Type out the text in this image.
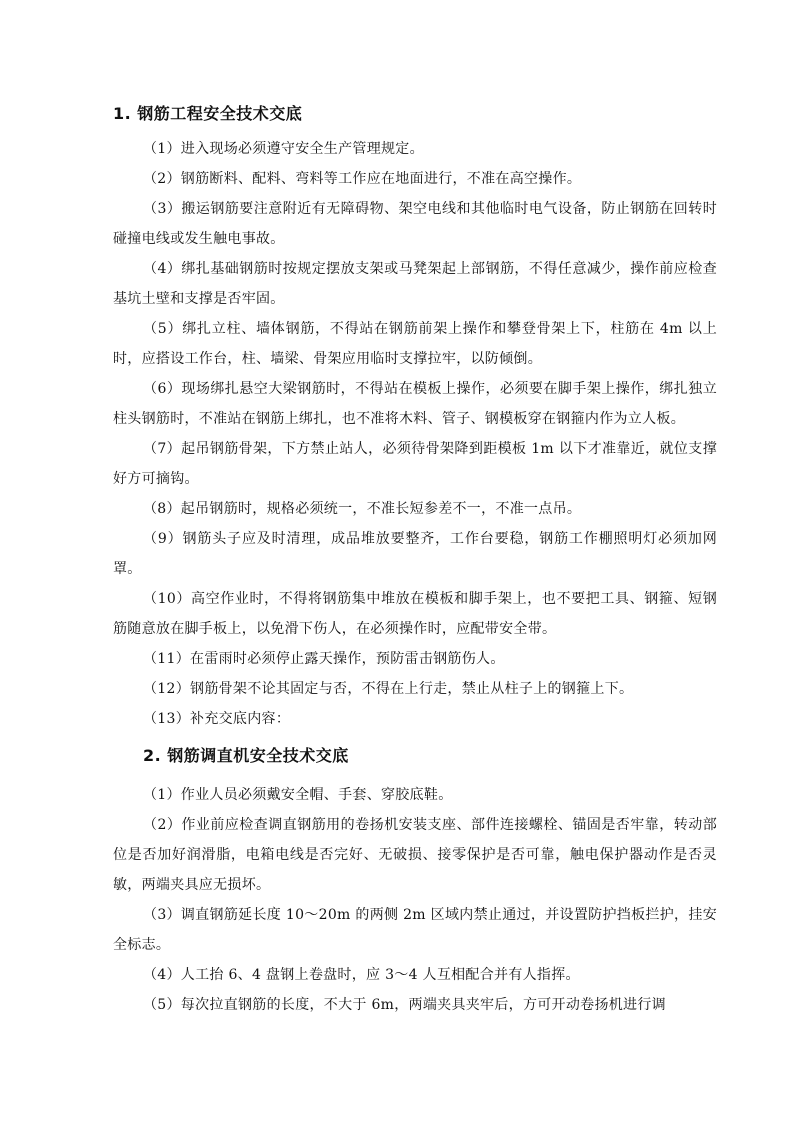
1. 钢筋工程安全技术交底

（1）进入现场必须遵守安全生产管理规定。

（2）钢筋断料、配料、弯料等工作应在地面进行，不准在高空操作。

（3）搬运钢筋要注意附近有无障碍物、架空电线和其他临时电气设备，防止钢筋在回转时碰撞电线或发生触电事故。

（4）绑扎基础钢筋时按规定摆放支架或马凳架起上部钢筋，不得任意减少，操作前应检查基坑土壁和支撑是否牢固。

（5）绑扎立柱、墙体钢筋，不得站在钢筋前架上操作和攀登骨架上下，柱筋在 4m 以上时，应搭设工作台，柱、墙梁、骨架应用临时支撑拉牢，以防倾倒。

（6）现场绑扎悬空大梁钢筋时，不得站在模板上操作，必须要在脚手架上操作，绑扎独立柱头钢筋时，不准站在钢筋上绑扎，也不准将木料、管子、钢模板穿在钢箍内作为立人板。

（7）起吊钢筋骨架，下方禁止站人，必须待骨架降到距模板 1m 以下才准靠近，就位支撑好方可摘钩。

（8）起吊钢筋时，规格必须统一，不准长短参差不一，不准一点吊。

（9）钢筋头子应及时清理，成品堆放要整齐，工作台要稳，钢筋工作棚照明灯必须加网罩。

（10）高空作业时，不得将钢筋集中堆放在模板和脚手架上，也不要把工具、钢箍、短钢筋随意放在脚手板上，以免滑下伤人，在必须操作时，应配带安全带。

（11）在雷雨时必须停止露天操作，预防雷击钢筋伤人。

（12）钢筋骨架不论其固定与否，不得在上行走，禁止从柱子上的钢箍上下。

（13）补充交底内容：

2. 钢筋调直机安全技术交底

（1）作业人员必须戴安全帽、手套、穿胶底鞋。

（2）作业前应检查调直钢筋用的卷扬机安装支座、部件连接螺栓、锚固是否牢靠，转动部位是否加好润滑脂，电箱电线是否完好、无破损、接零保护是否可靠，触电保护器动作是否灵敏，两端夹具应无损坏。

（3）调直钢筋延长度 10～20m 的两侧 2m 区域内禁止通过，并设置防护挡板拦护，挂安全标志。

（4）人工抬 6、4 盘钢上卷盘时，应 3～4 人互相配合并有人指挥。

（5）每次拉直钢筋的长度，不大于 6m，两端夹具夹牢后，方可开动卷扬机进行调
